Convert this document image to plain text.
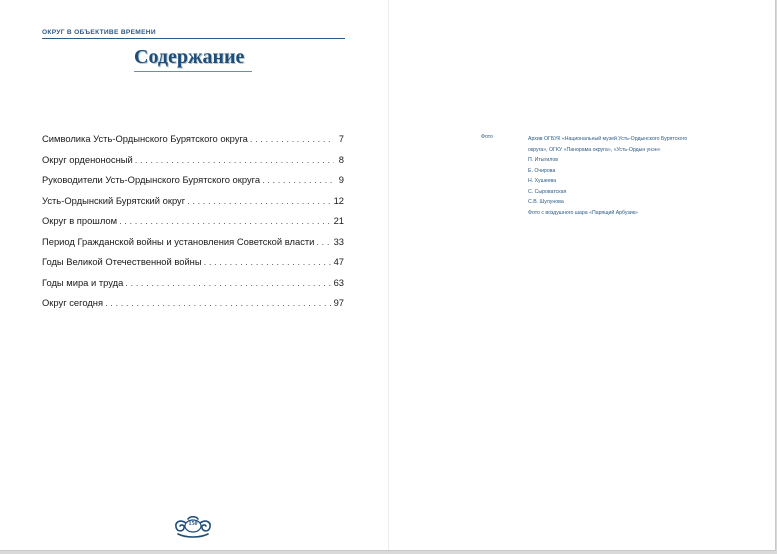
ОКРУГ В ОБЪЕКТИВЕ ВРЕМЕНИ
Содержание
Символика Усть-Ордынского Бурятского округа . . .	7
Округ орденоносный . . .	8
Руководители Усть-Ордынского Бурятского округа . . .	9
Усть-Ордынский Бурятский округ . . .	12
Округ в прошлом . . .	21
Период Гражданской войны и установления Советской власти . . . 33
Годы Великой Отечественной войны . . .	47
Годы мира и труда . . .	63
Округ сегодня . . .	97
Фото	Архив ОГБУК «Национальный музей Усть-Ордынского Бурятского
округа», ОГКУ «Панорама округа», «Усть-Ордын унэн»
П. Итыгилов
Е. Очирова
Н. Хушеева
С. Сыроватская
С.В. Шулунова
Фото с воздушного шара «Парящий Арбузик»
150
